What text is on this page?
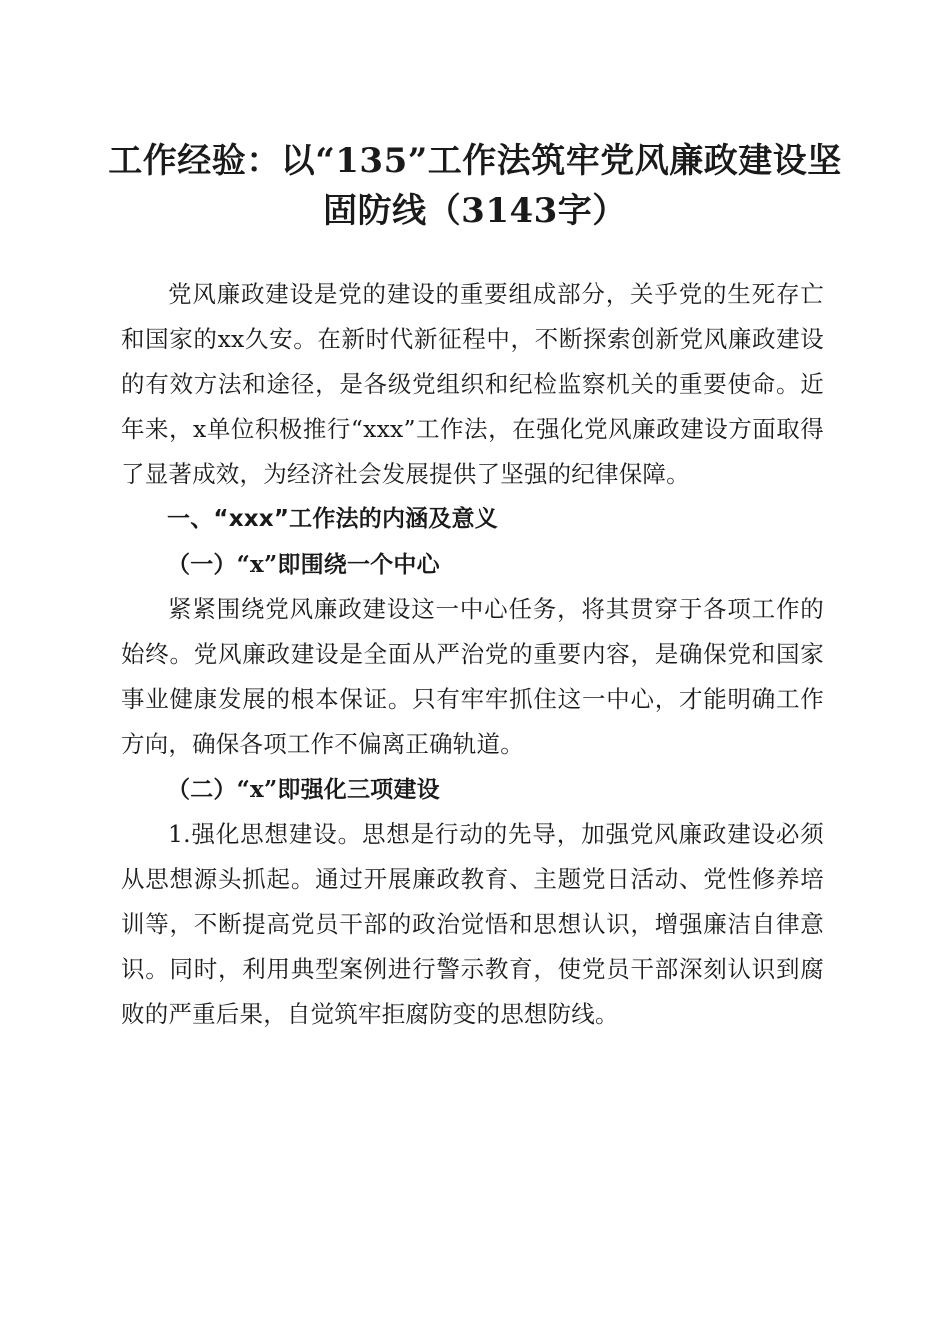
工作经验：以“135”工作法筑牢党风廉政建设坚固防线（3143字）

党风廉政建设是党的建设的重要组成部分，关乎党的生死存亡和国家的xx久安。在新时代新征程中，不断探索创新党风廉政建设的有效方法和途径，是各级党组织和纪检监察机关的重要使命。近年来，x单位积极推行“xxx”工作法，在强化党风廉政建设方面取得了显著成效，为经济社会发展提供了坚强的纪律保障。

一、“xxx”工作法的内涵及意义

（一）“x”即围绕一个中心

紧紧围绕党风廉政建设这一中心任务，将其贯穿于各项工作的始终。党风廉政建设是全面从严治党的重要内容，是确保党和国家事业健康发展的根本保证。只有牢牢抓住这一中心，才能明确工作方向，确保各项工作不偏离正确轨道。

（二）“x”即强化三项建设

1.强化思想建设。思想是行动的先导，加强党风廉政建设必须从思想源头抓起。通过开展廉政教育、主题党日活动、党性修养培训等，不断提高党员干部的政治觉悟和思想认识，增强廉洁自律意识。同时，利用典型案例进行警示教育，使党员干部深刻认识到腐败的严重后果，自觉筑牢拒腐防变的思想防线。
